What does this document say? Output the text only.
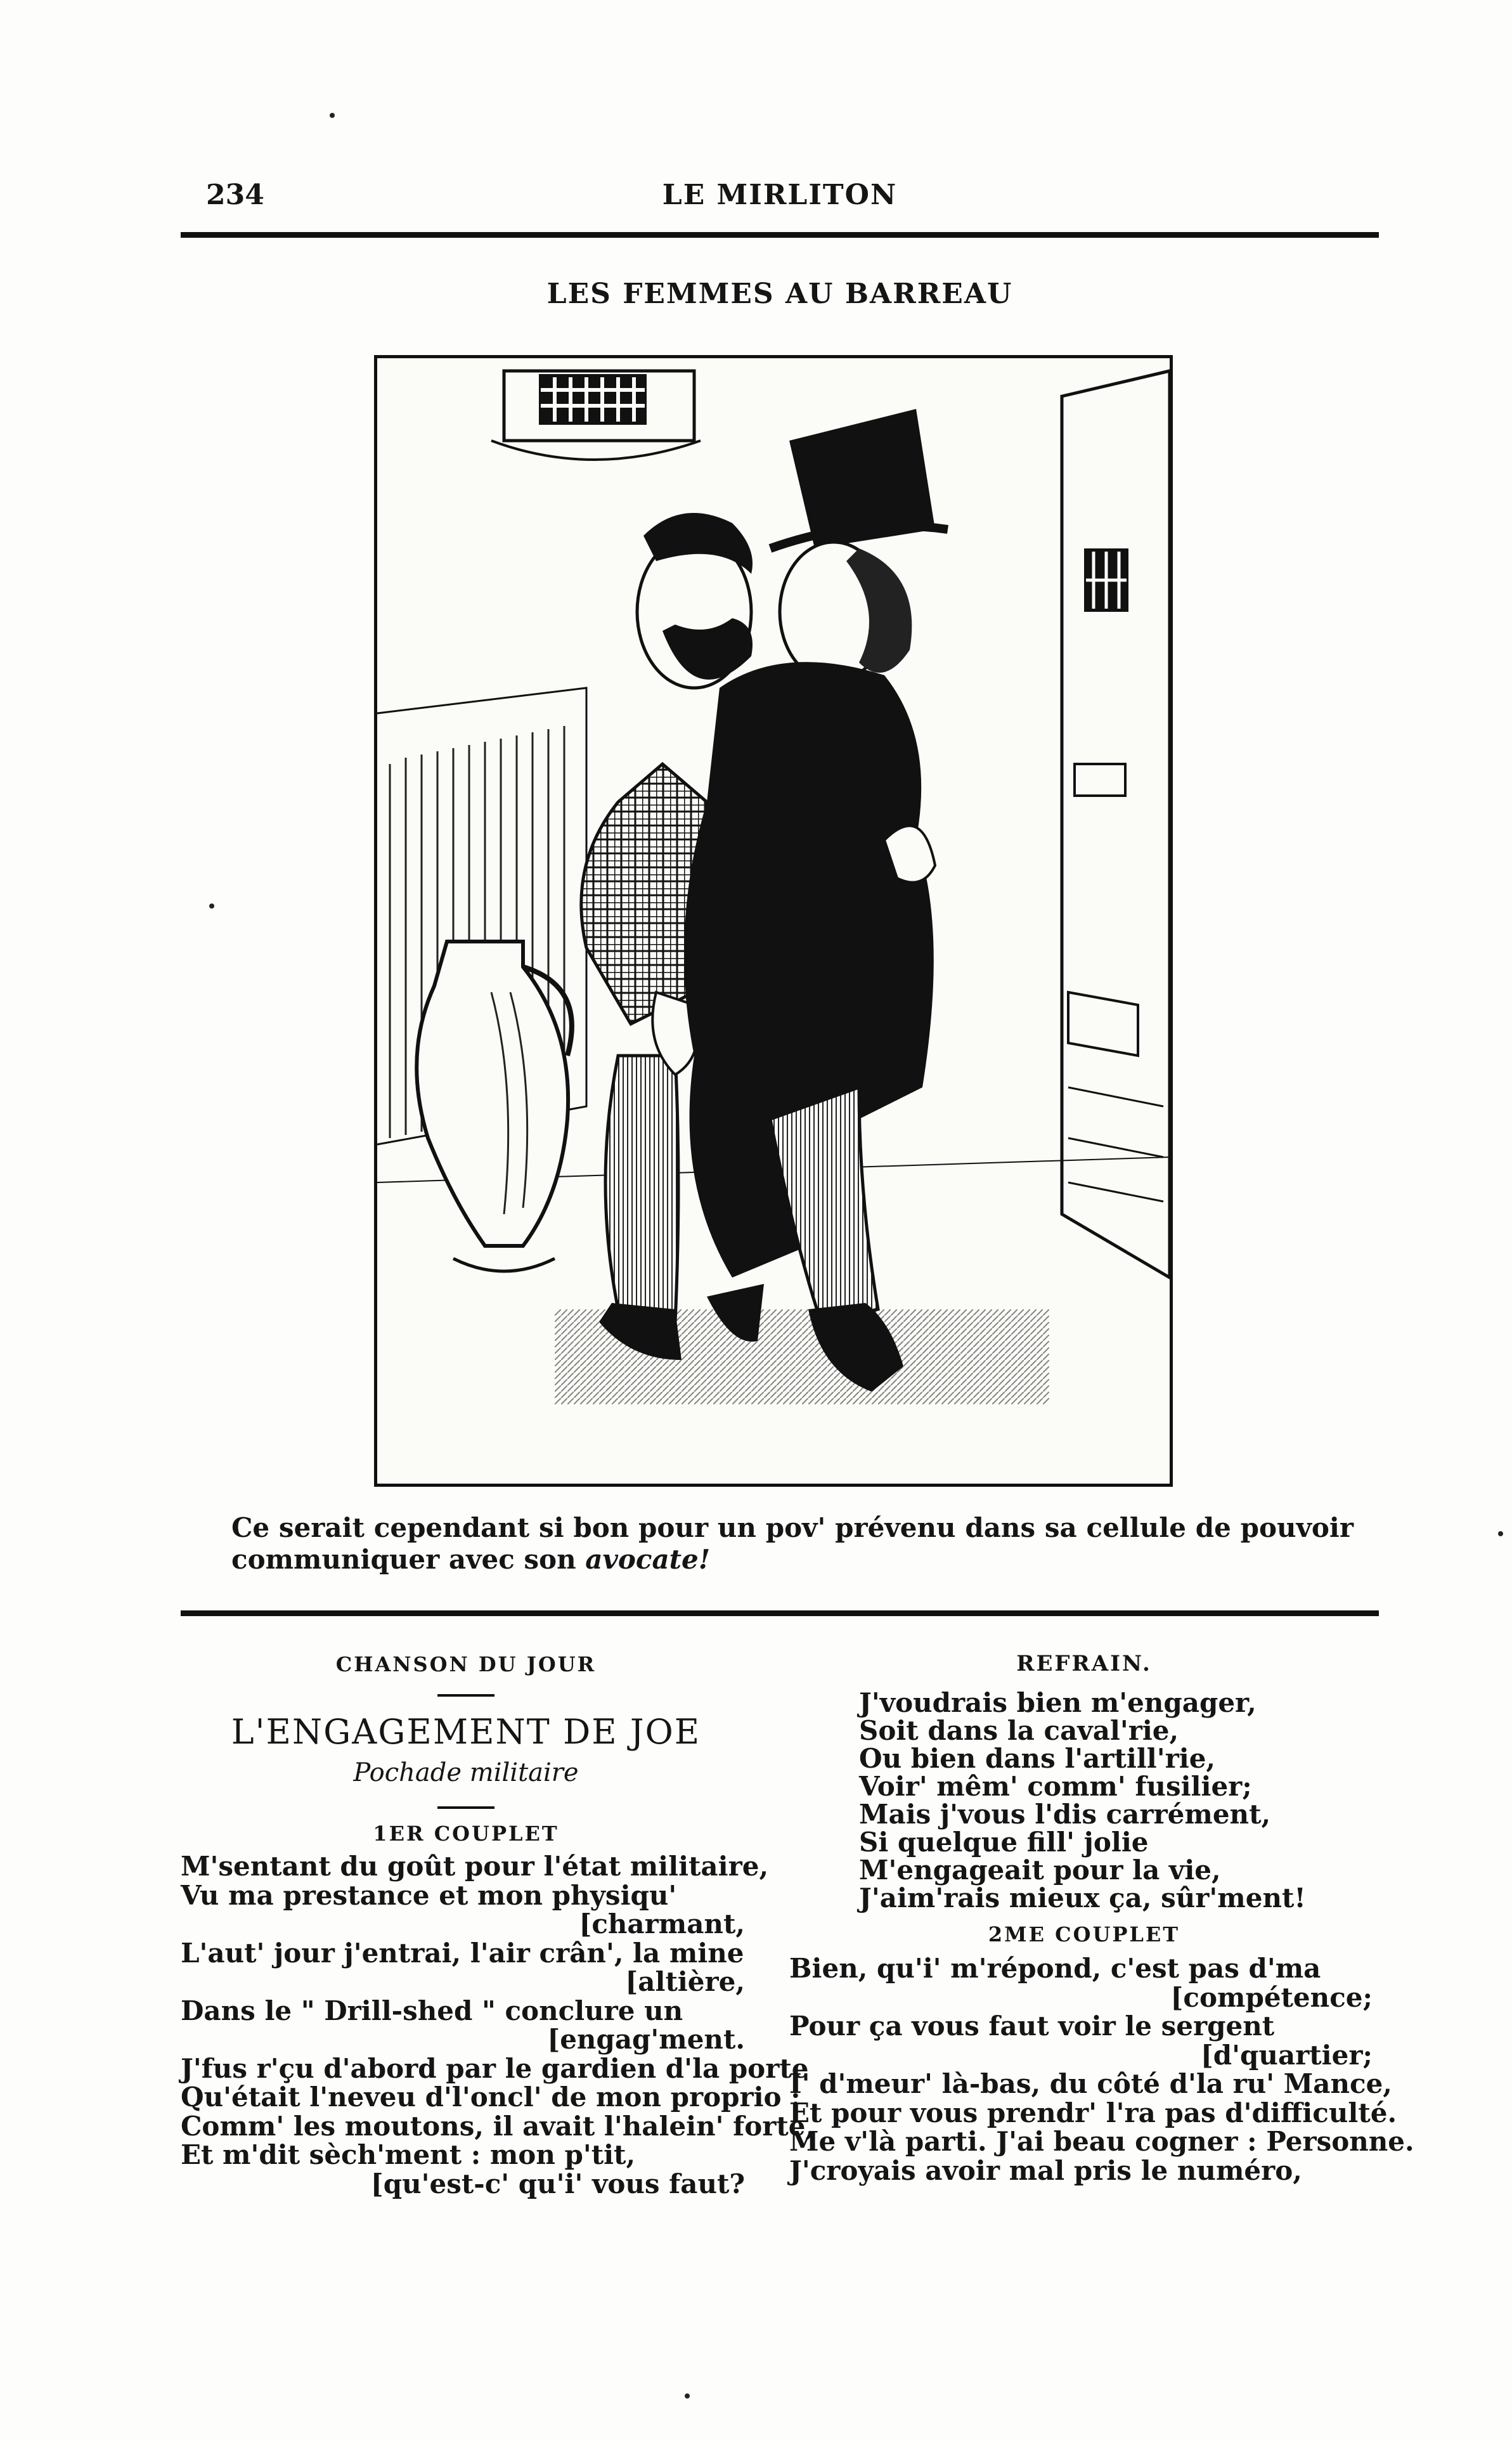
234	LE MIRLITON
LES FEMMES AU BARREAU
Ce serait cependant si bon pour un pov' prévenu dans sa cellule de pouvoir communiquer avec son avocate!
CHANSON DU JOUR
L'ENGAGEMENT DE JOE
Pochade militaire
1ER COUPLET
M'sentant du goût pour l'état militaire,
Vu ma prestance et mon physiqu'
[charmant,
L'aut' jour j'entrai, l'air crân', la mine
[altière,
Dans le " Drill-shed " conclure un
[engag'ment.
J'fus r'çu d'abord par le gardien d'la porte
Qu'était l'neveu d'l'oncl' de mon proprio :
Comm' les moutons, il avait l'halein' forte,
Et m'dit sèch'ment : mon p'tit,
[qu'est-c' qu'i' vous faut?
REFRAIN.
J'voudrais bien m'engager,
Soit dans la caval'rie,
Ou bien dans l'artill'rie,
Voir' mêm' comm' fusilier;
Mais j'vous l'dis carrément,
Si quelque fill' jolie
M'engageait pour la vie,
J'aim'rais mieux ça, sûr'ment!
2ME COUPLET
Bien, qu'i' m'répond, c'est pas d'ma
[compétence;
Pour ça vous faut voir le sergent
[d'quartier;
I' d'meur' là-bas, du côté d'la ru' Mance,
Et pour vous prendr' l'ra pas d'difficulté.
Me v'là parti. J'ai beau cogner : Personne.
J'croyais avoir mal pris le numéro,
